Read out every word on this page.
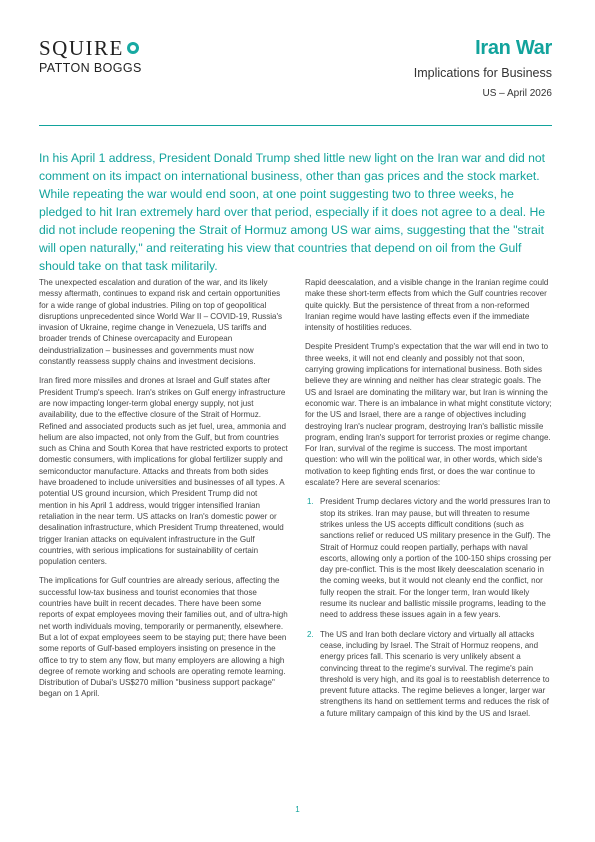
SQUIRE
PATTON BOGGS
Iran War
Implications for Business
US – April 2026

In his April 1 address, President Donald Trump shed little new light on the Iran war and did not comment on its impact on international business, other than gas prices and the stock market. While repeating the war would end soon, at one point suggesting two to three weeks, he pledged to hit Iran extremely hard over that period, especially if it does not agree to a deal. He did not include reopening the Strait of Hormuz among US war aims, suggesting that the "strait will open naturally," and reiterating his view that countries that depend on oil from the Gulf should take on that task militarily.

The unexpected escalation and duration of the war, and its likely messy aftermath, continues to expand risk and certain opportunities for a wide range of global industries. Piling on top of geopolitical disruptions unprecedented since World War II – COVID-19, Russia's invasion of Ukraine, regime change in Venezuela, US tariffs and broader trends of Chinese overcapacity and European deindustrialization – businesses and governments must now constantly reassess supply chains and investment decisions.

Iran fired more missiles and drones at Israel and Gulf states after President Trump's speech. Iran's strikes on Gulf energy infrastructure are now impacting longer-term global energy supply, not just availability, due to the effective closure of the Strait of Hormuz. Refined and associated products such as jet fuel, urea, ammonia and helium are also impacted, not only from the Gulf, but from countries such as China and South Korea that have restricted exports to protect domestic consumers, with implications for global fertilizer supply and semiconductor manufacture. Attacks and threats from both sides have broadened to include universities and businesses of all types. A potential US ground incursion, which President Trump did not mention in his April 1 address, would trigger intensified Iranian retaliation in the near term. US attacks on Iran's domestic power or desalination infrastructure, which President Trump threatened, would trigger Iranian attacks on equivalent infrastructure in the Gulf countries, with serious implications for sustainability of certain population centers.

The implications for Gulf countries are already serious, affecting the successful low-tax business and tourist economies that those countries have built in recent decades. There have been some reports of expat employees moving their families out, and of ultra-high net worth individuals moving, temporarily or permanently, elsewhere. But a lot of expat employees seem to be staying put; there have been some reports of Gulf-based employers insisting on presence in the office to try to stem any flow, but many employers are allowing a high degree of remote working and schools are operating remote learning. Distribution of Dubai's US$270 million "business support package" began on 1 April.

Rapid deescalation, and a visible change in the Iranian regime could make these short-term effects from which the Gulf countries recover quite quickly. But the persistence of threat from a non-reformed Iranian regime would have lasting effects even if the immediate intensity of hostilities reduces.

Despite President Trump's expectation that the war will end in two to three weeks, it will not end cleanly and possibly not that soon, carrying growing implications for international business. Both sides believe they are winning and neither has clear strategic goals. The US and Israel are dominating the military war, but Iran is winning the economic war. There is an imbalance in what might constitute victory; for the US and Israel, there are a range of objectives including destroying Iran's nuclear program, destroying Iran's ballistic missile program, ending Iran's support for terrorist proxies or regime change. For Iran, survival of the regime is success. The most important question: who will win the political war, in other words, which side's motivation to keep fighting ends first, or does the war continue to escalate? Here are several scenarios:

1. President Trump declares victory and the world pressures Iran to stop its strikes. Iran may pause, but will threaten to resume strikes unless the US accepts difficult conditions (such as sanctions relief or reduced US military presence in the Gulf). The Strait of Hormuz could reopen partially, perhaps with naval escorts, allowing only a portion of the 100-150 ships crossing per day pre-conflict. This is the most likely deescalation scenario in the coming weeks, but it would not cleanly end the conflict, nor fully reopen the strait. For the longer term, Iran would likely resume its nuclear and ballistic missile programs, leading to the need to address these issues again in a few years.
2. The US and Iran both declare victory and virtually all attacks cease, including by Israel. The Strait of Hormuz reopens, and energy prices fall. This scenario is very unlikely absent a convincing threat to the regime's survival. The regime's pain threshold is very high, and its goal is to reestablish deterrence to prevent future attacks. The regime believes a longer, larger war strengthens its hand on settlement terms and reduces the risk of a future military campaign of this kind by the US and Israel.
1
